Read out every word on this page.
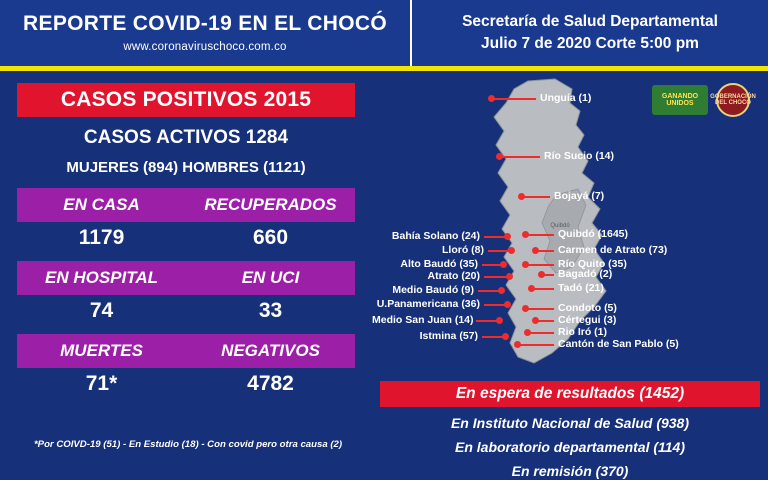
REPORTE COVID-19 EN EL CHOCÓ
www.coronaviruschoco.com.co
Secretaría de Salud Departamental
Julio 7 de 2020 Corte 5:00 pm
CASOS POSITIVOS 2015
CASOS ACTIVOS 1284
MUJERES (894) HOMBRES (1121)
EN CASA	RECUPERADOS
1179	660
EN HOSPITAL	EN UCI
74	33
MUERTES	NEGATIVOS
71*	4782
*Por COIVD-19 (51) - En Estudio (18) - Con covid pero otra causa (2)
GANANDO UNIDOS
GOBERNACIÓN DEL CHOCÓ
Quibdó
Unguía (1)
Río Sucio (14)
Bojayá (7)
Quibdó (1645)
Carmen de Atrato (73)
Río Quito (35)
Bagadó (2)
Tadó (21)
Condoto (5)
Cértegui (3)
Rio Iró (1)
Cantón de San Pablo (5)
Bahía Solano (24)
Lloró (8)
Alto Baudó (35)
Atrato (20)
Medio Baudó (9)
U.Panamericana (36)
Medio San Juan (14)
Istmina (57)
En espera de resultados (1452)
En Instituto Nacional de Salud (938)
En laboratorio departamental (114)
En remisión (370)
